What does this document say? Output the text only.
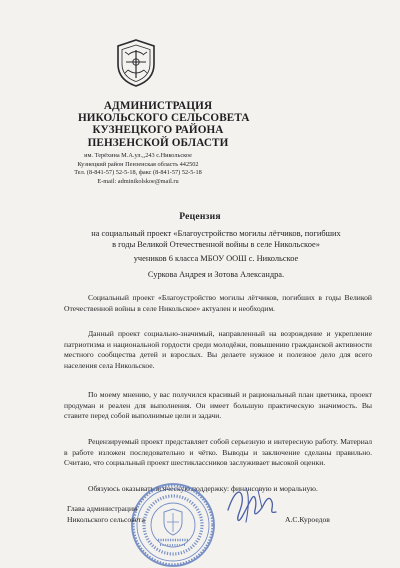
АДМИНИСТРАЦИЯ
НИКОЛЬСКОГО СЕЛЬСОВЕТА
КУЗНЕЦКОГО РАЙОНА
ПЕНЗЕНСКОЙ ОБЛАСТИ
им. Терёхина М.А.ул.,,243 с.Никольское
Кузнецкий район Пензенская область 442502
Тел. (8-841-57) 52-5-18, факс (8-841-57) 52-5-18
E-mail: adminikolskoe@mail.ru
Рецензия
на социальный проект «Благоустройство могилы лётчиков, погибших
в годы Великой Отечественной войны в селе Никольское»
учеников 6 класса МБОУ ООШ с. Никольское
Суркова Андрея и Зотова Александра.
Социальный проект «Благоустройство могилы лётчиков, погибших в годы Великой Отечественной войны в селе Никольское» актуален и необходим.
Данный проект социально-значимый, направленный на возрождение и укрепление патриотизма и национальной гордости среди молодёжи, повышению гражданской активности местного сообщества детей и взрослых. Вы делаете нужное и полезное дело для всего населения села Никольское.
По моему мнению, у вас получился красивый и рациональный план цветника, проект продуман и реален для выполнения. Он имеет большую практическую значимость. Вы ставите перед собой выполнимые цели и задачи.
Рецензируемый проект представляет собой серьезную и интересную работу. Материал в работе изложен последовательно и чётко. Выводы и заключение сделаны правильно. Считаю, что социальный проект шестиклассников заслуживает высокой оценки.
Обязуюсь оказывать всяческую поддержку: финансовую и моральную.
Глава администрации
Никольского сельсовета	А.С.Куроедов
